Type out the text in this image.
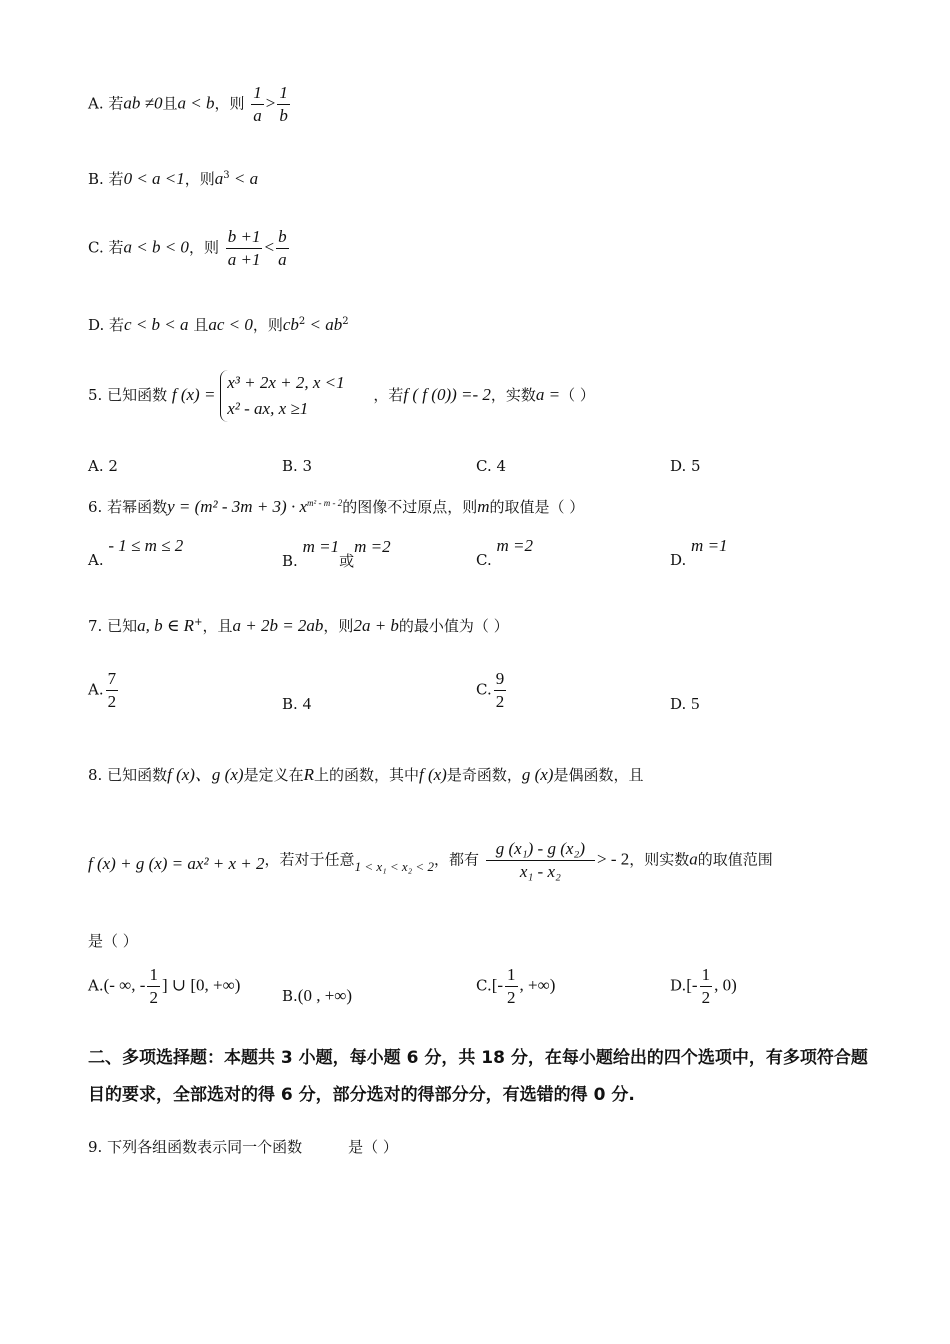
A. 若ab ≠0且a < b，则 $\frac{1}{a} > \frac{1}{b}$
B. 若0 < a <1，则$a^3 < a$
C. 若a < b < 0，则 $\frac{b +1}{a +1} < \frac{b}{a}$
D. 若c < b < a 且ac < 0，则$cb^2 < ab^2$
5. 已知函数 f (x) =
x³ + 2x + 2, x <1
x² - ax, x ≥1
，若f ( f (0)) =- 2，实数a =（ ）
A. 2	B. 3	C. 4	D. 5
6. 若幂函数$y = (m^2 - 3m + 3) \cdot x^{m^2 - m - 2}$的图像不过原点，则m的取值是（ ）
A. - 1 ≤ m ≤ 2
B. m =1或m =2
C. m =2
D. m =1
7. 已知a, b ∈ R+，且a + 2b = 2ab，则2a + b的最小值为（ ）
A. $\frac{7}{2}$	B. 4
C. $\frac{9}{2}$	D. 5
8. 已知函数f (x)、g (x)是定义在R上的函数，其中f (x)是奇函数，g (x)是偶函数，且
f (x) + g (x) = ax² + x + 2，若对于任意1 < x₁ < x₂ < 2，都有 $\frac{\text{g (x₁) - g (x₂)}}{\text{x₁ - x₂}}$ > - 2，则实数a的取值范围
是（ ）
A.(- ∞, - $\frac{1}{2}$ ] ∪ [0, +∞)
B.(0 , +∞)
$C.[- \frac{1}{2}$ , +∞)	$D.[- \frac{1}{2}$ , 0)
二、多项选择题：本题共 3 小题，每小题 6 分，共 18 分，在每小题给出的四个选项中，有多项符合题目的要求，全部选对的得 6 分，部分选对的得部分分，有选错的得 0 分.
9. 下列各组函数表示同一个函数	是（ ）
